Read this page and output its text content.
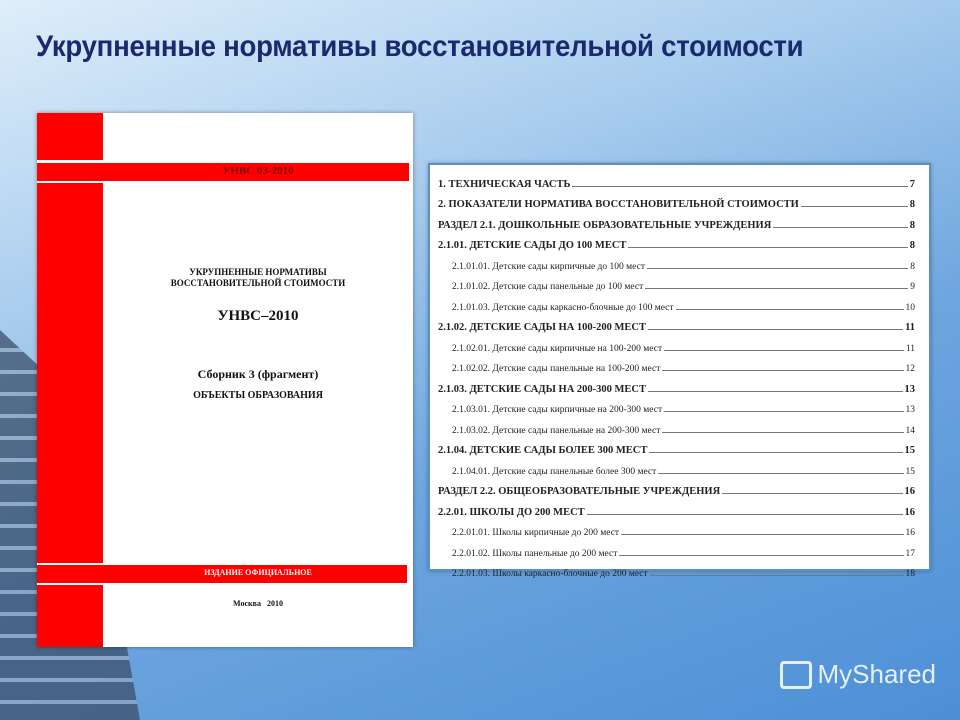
Укрупненные нормативы восстановительной стоимости
УНВС 03-2010
ИЗДАНИЕ ОФИЦИАЛЬНОЕ
УКРУПНЕННЫЕ НОРМАТИВЫ
ВОССТАНОВИТЕЛЬНОЙ СТОИМОСТИ
УНВС–2010
Сборник 3 (фрагмент)
ОБЪЕКТЫ ОБРАЗОВАНИЯ
Москва   2010
1. ТЕХНИЧЕСКАЯ ЧАСТЬ	7
2. ПОКАЗАТЕЛИ НОРМАТИВА ВОССТАНОВИТЕЛЬНОЙ СТОИМОСТИ	8
РАЗДЕЛ 2.1. ДОШКОЛЬНЫЕ ОБРАЗОВАТЕЛЬНЫЕ УЧРЕЖДЕНИЯ	8
2.1.01. ДЕТСКИЕ САДЫ ДО 100 МЕСТ	8
2.1.01.01. Детские сады кирпичные до 100 мест	8
2.1.01.02. Детские сады панельные до 100 мест	9
2.1.01.03. Детские сады каркасно-блочные до 100 мест	10
2.1.02. ДЕТСКИЕ САДЫ НА 100-200 МЕСТ	11
2.1.02.01. Детские сады кирпичные на 100-200 мест	11
2.1.02.02. Детские сады панельные на 100-200 мест	12
2.1.03. ДЕТСКИЕ САДЫ НА 200-300 МЕСТ	13
2.1.03.01. Детские сады кирпичные на 200-300 мест	13
2.1.03.02. Детские сады панельные на 200-300 мест	14
2.1.04. ДЕТСКИЕ САДЫ БОЛЕЕ 300 МЕСТ	15
2.1.04.01. Детские сады панельные более 300 мест	15
РАЗДЕЛ 2.2. ОБЩЕОБРАЗОВАТЕЛЬНЫЕ УЧРЕЖДЕНИЯ	16
2.2.01. ШКОЛЫ ДО 200 МЕСТ	16
2.2.01.01. Школы кирпичные до 200 мест	16
2.2.01.02. Школы панельные до 200 мест	17
2.2.01.03. Школы каркасно-блочные до 200 мест	18
MyShared
